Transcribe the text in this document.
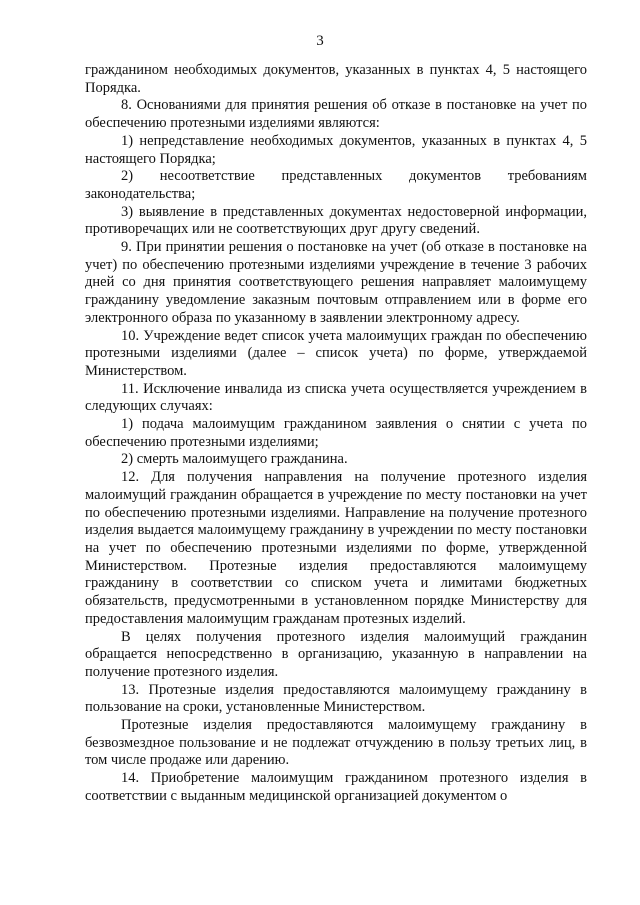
3

гражданином необходимых документов, указанных в пунктах 4, 5 настоящего Порядка.

8. Основаниями для принятия решения об отказе в постановке на учет по обеспечению протезными изделиями являются:

1) непредставление необходимых документов, указанных в пунктах 4, 5 настоящего Порядка;

2) несоответствие представленных документов требованиям законодательства;

3) выявление в представленных документах недостоверной информации, противоречащих или не соответствующих друг другу сведений.

9. При принятии решения о постановке на учет (об отказе в постановке на учет) по обеспечению протезными изделиями учреждение в течение 3 рабочих дней со дня принятия соответствующего решения направляет малоимущему гражданину уведомление заказным почтовым отправлением или в форме его электронного образа по указанному в заявлении электронному адресу.

10. Учреждение ведет список учета малоимущих граждан по обеспечению протезными изделиями (далее – список учета) по форме, утверждаемой Министерством.

11. Исключение инвалида из списка учета осуществляется учреждением в следующих случаях:

1) подача малоимущим гражданином заявления о снятии с учета по обеспечению протезными изделиями;

2) смерть малоимущего гражданина.

12. Для получения направления на получение протезного изделия малоимущий гражданин обращается в учреждение по месту постановки на учет по обеспечению протезными изделиями. Направление на получение протезного изделия выдается малоимущему гражданину в учреждении по месту постановки на учет по обеспечению протезными изделиями по форме, утвержденной Министерством. Протезные изделия предоставляются малоимущему гражданину в соответствии со списком учета и лимитами бюджетных обязательств, предусмотренными в установленном порядке Министерству для предоставления малоимущим гражданам протезных изделий.

В целях получения протезного изделия малоимущий гражданин обращается непосредственно в организацию, указанную в направлении на получение протезного изделия.

13. Протезные изделия предоставляются малоимущему гражданину в пользование на сроки, установленные Министерством.

Протезные изделия предоставляются малоимущему гражданину в безвозмездное пользование и не подлежат отчуждению в пользу третьих лиц, в том числе продаже или дарению.

14. Приобретение малоимущим гражданином протезного изделия в соответствии с выданным медицинской организацией документом о
